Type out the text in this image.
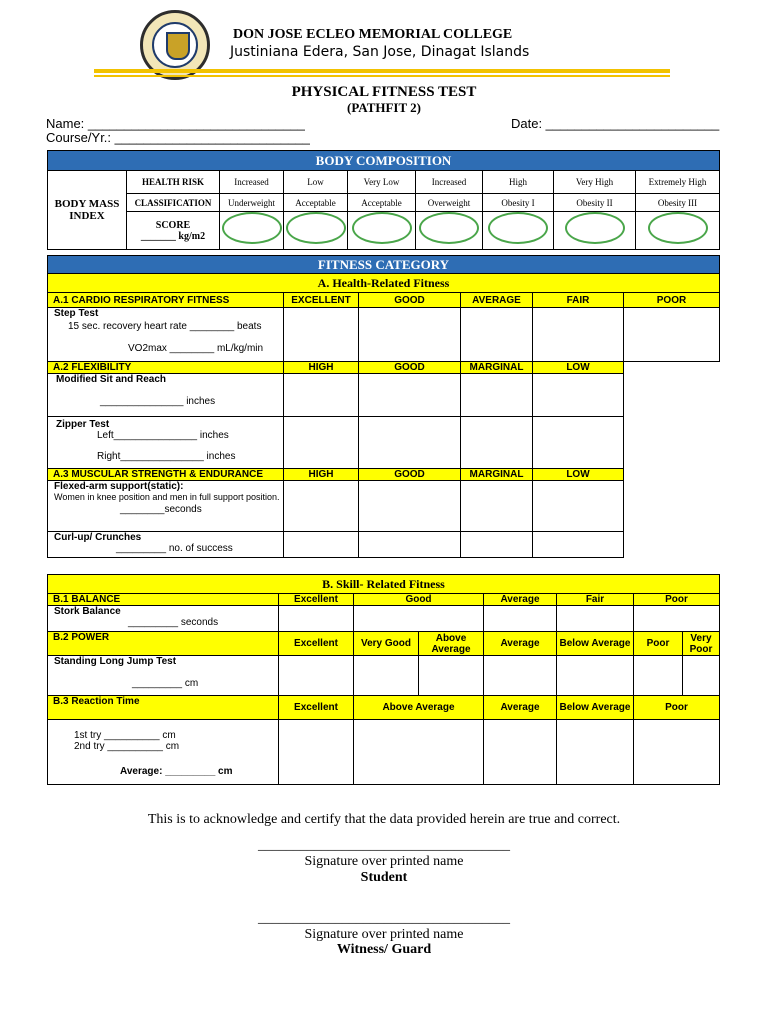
DON JOSE ECLEO MEMORIAL COLLEGE
Justiniana Edera, San Jose, Dinagat Islands
PHYSICAL FITNESS TEST
(PATHFIT 2)
Name: ______________________________	Date: ________________________
Course/Yr.: ___________________________
BODY COMPOSITION								
BODY MASS INDEX	HEALTH RISK	Increased	Low	Very Low	Increased	High	Very High	Extremely High
	CLASSIFICATION	Underweight	Acceptable	Acceptable	Overweight	Obesity I	Obesity II	Obesity III

	SCORE
_______ kg/m2							

FITNESS CATEGORY					
A. Health-Related Fitness					
A.1 CARDIO RESPIRATORY FITNESS	EXCELLENT	GOOD	AVERAGE	FAIR	POOR

Step Test
15 sec. recovery heart rate ________ beats
VO2max ________ mL/kg/min					

A.2 FLEXIBILITY	HIGH	GOOD	MARGINAL	LOW	

Modified Sit and Reach
_______________ inches					

Zipper Test
Left_______________ inches
Right_______________ inches					

A.3 MUSCULAR STRENGTH & ENDURANCE	HIGH	GOOD	MARGINAL	LOW	

Flexed-arm support(static):
Women in knee position and men in full support position.
________seconds					

Curl-up/ Crunches
_________ no. of success					

B. Skill- Related Fitness							
B.1 BALANCE	Excellent	Good		Average	Fair	Poor	

Stork Balance
_________ seconds							

B.2 POWER	Excellent	Very Good	Above Average	Average	Below Average	Poor	Very Poor

Standing Long Jump Test
_________ cm							

B.3 Reaction Time	Excellent	Above Average		Average	Below Average	Poor	

1st try __________ cm
2nd try __________ cm
Average: _________ cm							

This is to acknowledge and certify that the data provided herein are true and correct.
____________________________________
Signature over printed name
Student
____________________________________
Signature over printed name
Witness/ Guard
